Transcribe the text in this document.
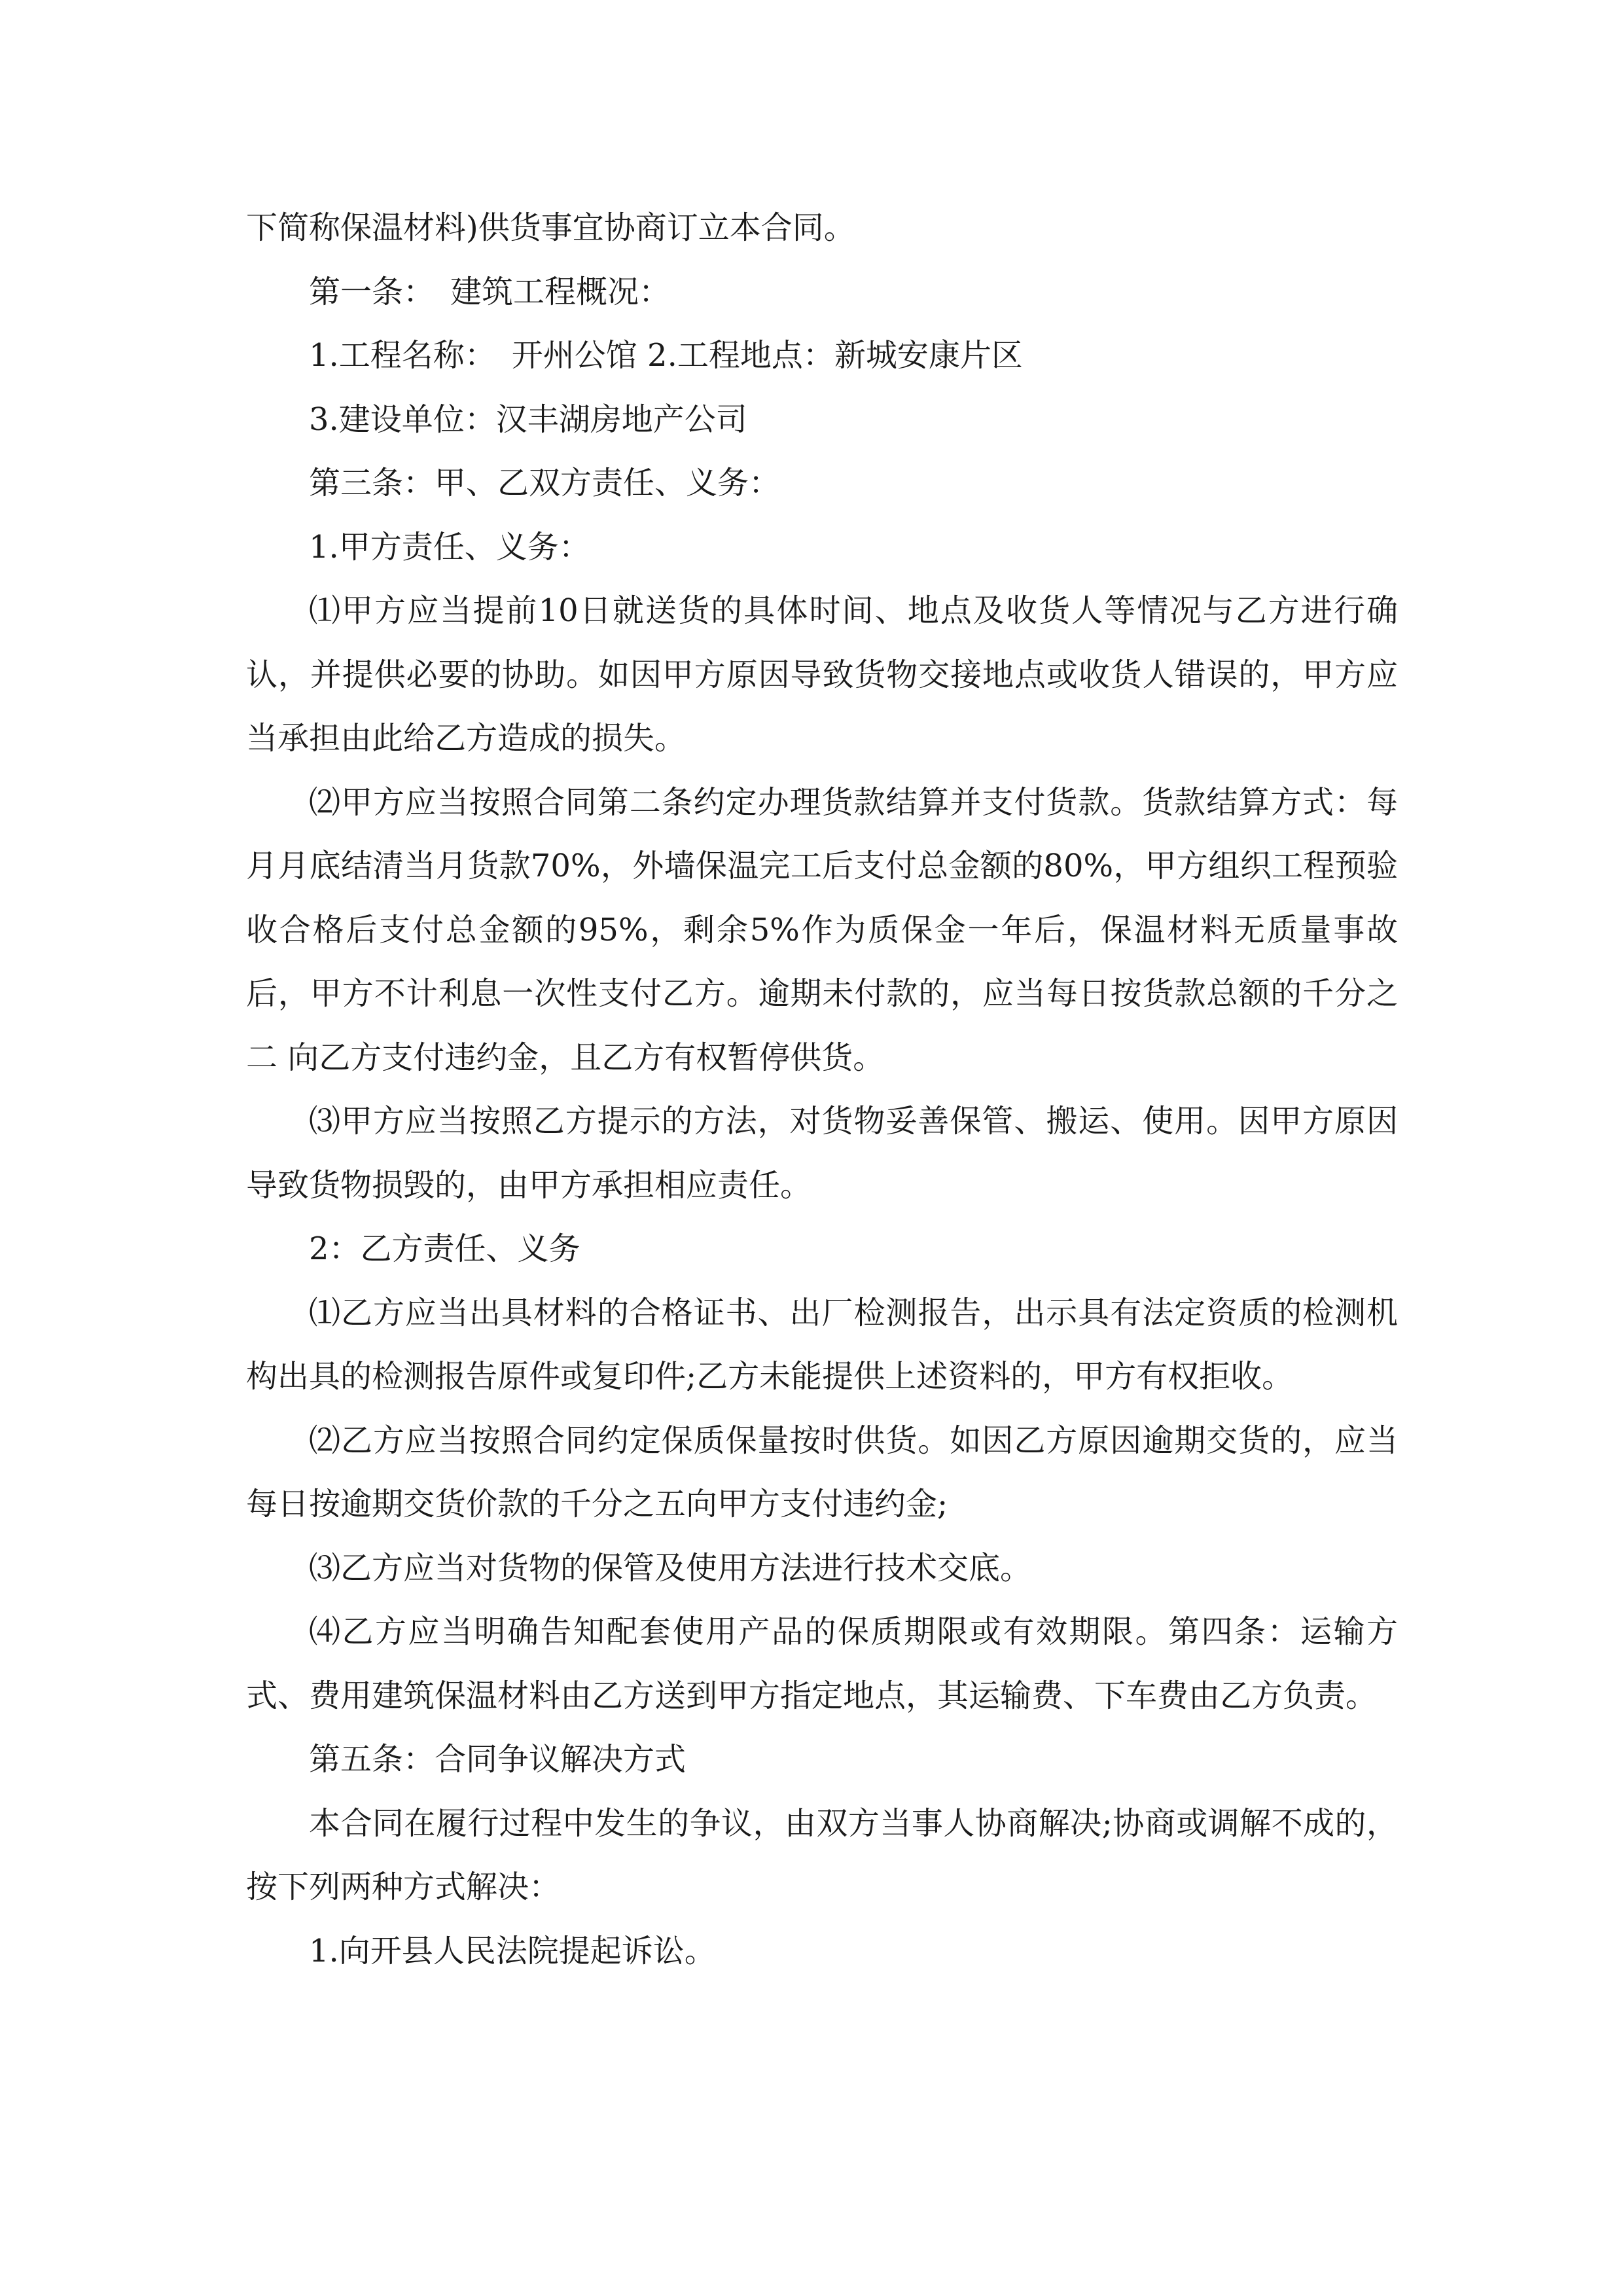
下简称保温材料)供货事宜协商订立本合同。

第一条：　建筑工程概况：

1.工程名称：　开州公馆 2.工程地点：新城安康片区

3.建设单位：汉丰湖房地产公司

第三条：甲、乙双方责任、义务：

1.甲方责任、义务：

⑴甲方应当提前10日就送货的具体时间、地点及收货人等情况与乙方进行确认，并提供必要的协助。如因甲方原因导致货物交接地点或收货人错误的，甲方应当承担由此给乙方造成的损失。

⑵甲方应当按照合同第二条约定办理货款结算并支付货款。货款结算方式：每月月底结清当月货款70%，外墙保温完工后支付总金额的80%，甲方组织工程预验收合格后支付总金额的95%，剩余5%作为质保金一年后，保温材料无质量事故后，甲方不计利息一次性支付乙方。逾期未付款的，应当每日按货款总额的千分之 二 向乙方支付违约金，且乙方有权暂停供货。

⑶甲方应当按照乙方提示的方法，对货物妥善保管、搬运、使用。因甲方原因导致货物损毁的，由甲方承担相应责任。

2：乙方责任、义务

⑴乙方应当出具材料的合格证书、出厂检测报告，出示具有法定资质的检测机构出具的检测报告原件或复印件;乙方未能提供上述资料的，甲方有权拒收。

⑵乙方应当按照合同约定保质保量按时供货。如因乙方原因逾期交货的，应当每日按逾期交货价款的千分之五向甲方支付违约金;

⑶乙方应当对货物的保管及使用方法进行技术交底。

⑷乙方应当明确告知配套使用产品的保质期限或有效期限。第四条：运输方式、费用建筑保温材料由乙方送到甲方指定地点，其运输费、下车费由乙方负责。

第五条：合同争议解决方式

本合同在履行过程中发生的争议，由双方当事人协商解决;协商或调解不成的，按下列两种方式解决：

1.向开县人民法院提起诉讼。
